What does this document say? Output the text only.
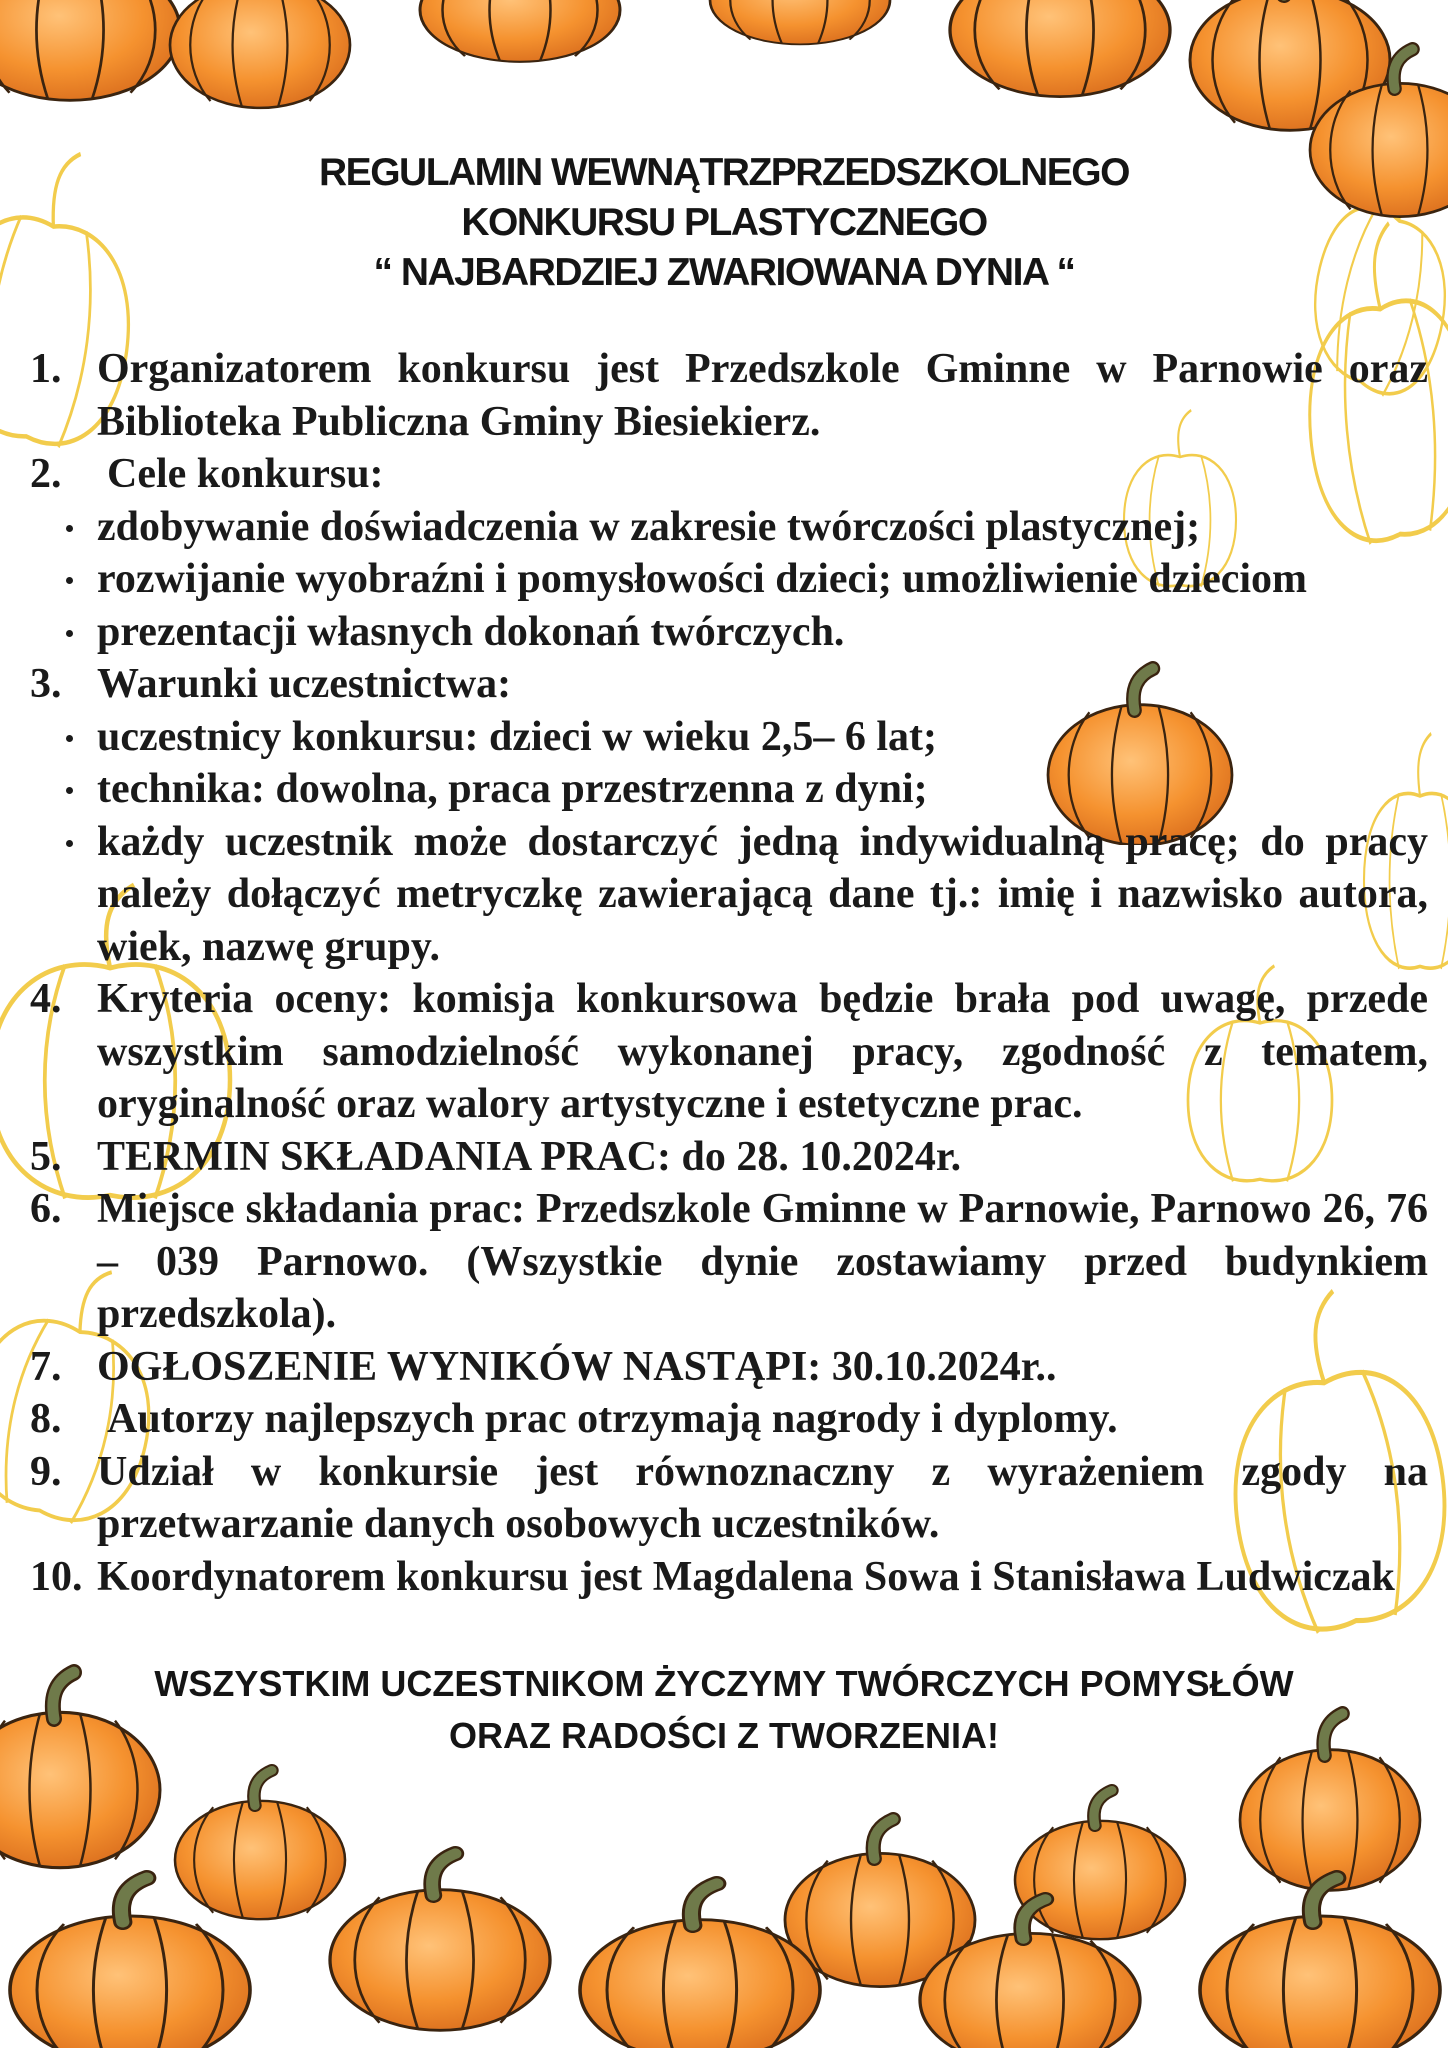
REGULAMIN WEWNĄTRZPRZEDSZKOLNEGO
KONKURSU PLASTYCZNEGO
“ NAJBARDZIEJ ZWARIOWANA DYNIA “
1. Organizatorem konkursu jest Przedszkole Gminne w Parnowie oraz Biblioteka Publiczna Gminy Biesiekierz.
2.	Cele konkursu:
zdobywanie doświadczenia w zakresie twórczości plastycznej;
rozwijanie wyobraźni i pomysłowości dzieci; umożliwienie dzieciom
prezentacji własnych dokonań twórczych.
3. Warunki uczestnictwa:
uczestnicy konkursu: dzieci w wieku 2,5– 6 lat;
technika: dowolna, praca przestrzenna z dyni;
każdy uczestnik może dostarczyć jedną indywidualną pracę; do pracy należy dołączyć metryczkę zawierającą dane tj.: imię i nazwisko autora, wiek, nazwę grupy.
4. Kryteria oceny: komisja konkursowa będzie brała pod uwagę, przede wszystkim samodzielność wykonanej pracy, zgodność z tematem, oryginalność oraz walory artystyczne i estetyczne prac.
5. TERMIN SKŁADANIA PRAC: do 28. 10.2024r.
6. Miejsce składania prac: Przedszkole Gminne w Parnowie, Parnowo 26, 76 – 039 Parnowo. (Wszystkie dynie zostawiamy przed budynkiem przedszkola).
7. OGŁOSZENIE WYNIKÓW NASTĄPI: 30.10.2024r..
8.	Autorzy najlepszych prac otrzymają nagrody i dyplomy.
9. Udział w konkursie jest równoznaczny z wyrażeniem zgody na przetwarzanie danych osobowych uczestników.
10. Koordynatorem konkursu jest Magdalena Sowa i Stanisława Ludwiczak
WSZYSTKIM UCZESTNIKOM ŻYCZYMY TWÓRCZYCH POMYSŁÓW
ORAZ RADOŚCI Z TWORZENIA!
